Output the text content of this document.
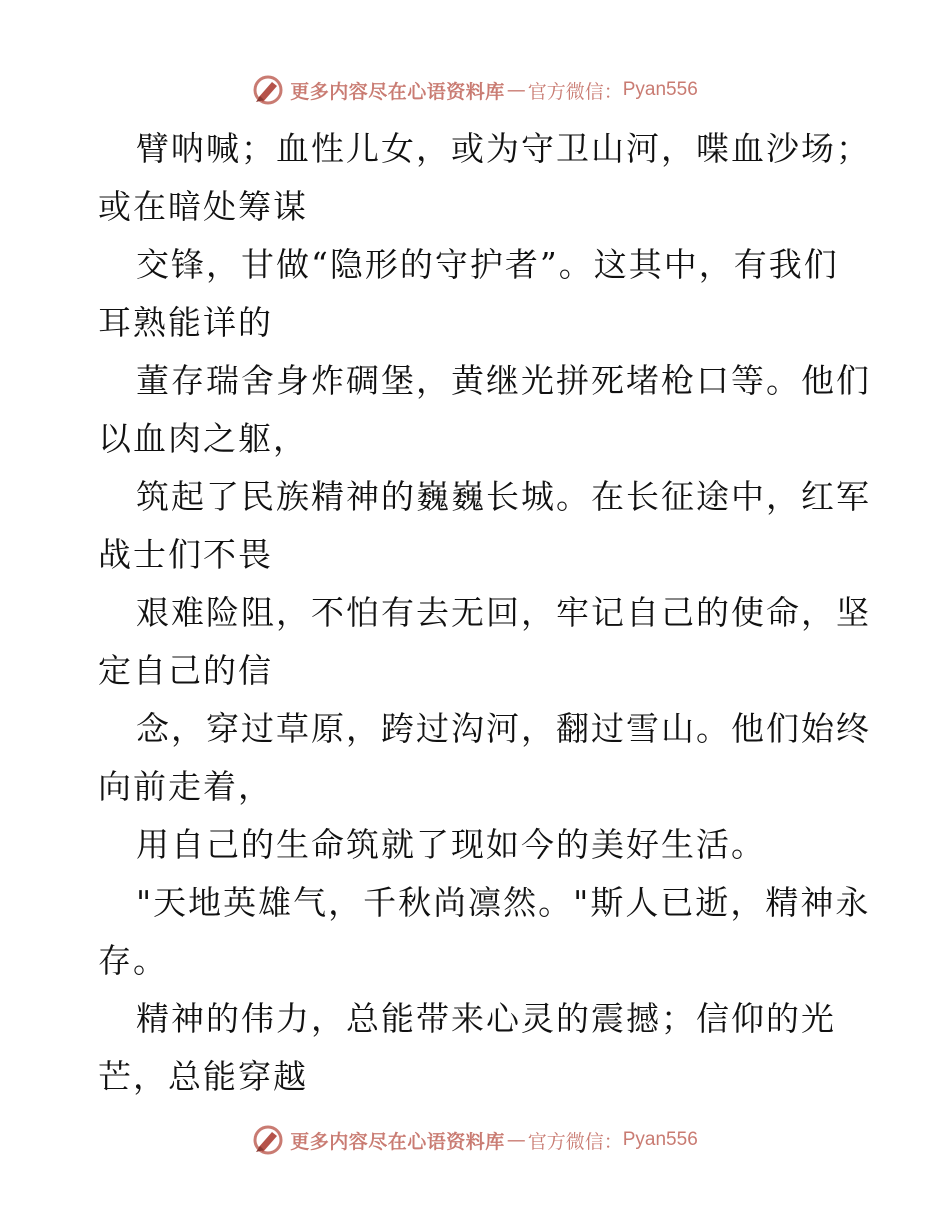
更多内容尽在心语资料库 — 官方微信： Pyan556
臂呐喊；血性儿女，或为守卫山河，喋血沙场；
或在暗处筹谋
交锋，甘做“隐形的守护者”。这其中，有我们
耳熟能详的
董存瑞舍身炸碉堡，黄继光拼死堵枪口等。他们
以血肉之躯，
筑起了民族精神的巍巍长城。在长征途中，红军
战士们不畏
艰难险阻，不怕有去无回，牢记自己的使命，坚
定自己的信
念，穿过草原，跨过沟河，翻过雪山。他们始终
向前走着，
用自己的生命筑就了现如今的美好生活。
"天地英雄气，千秋尚凛然。"斯人已逝，精神永
存。
精神的伟力，总能带来心灵的震撼；信仰的光
芒，总能穿越
更多内容尽在心语资料库 — 官方微信： Pyan556
